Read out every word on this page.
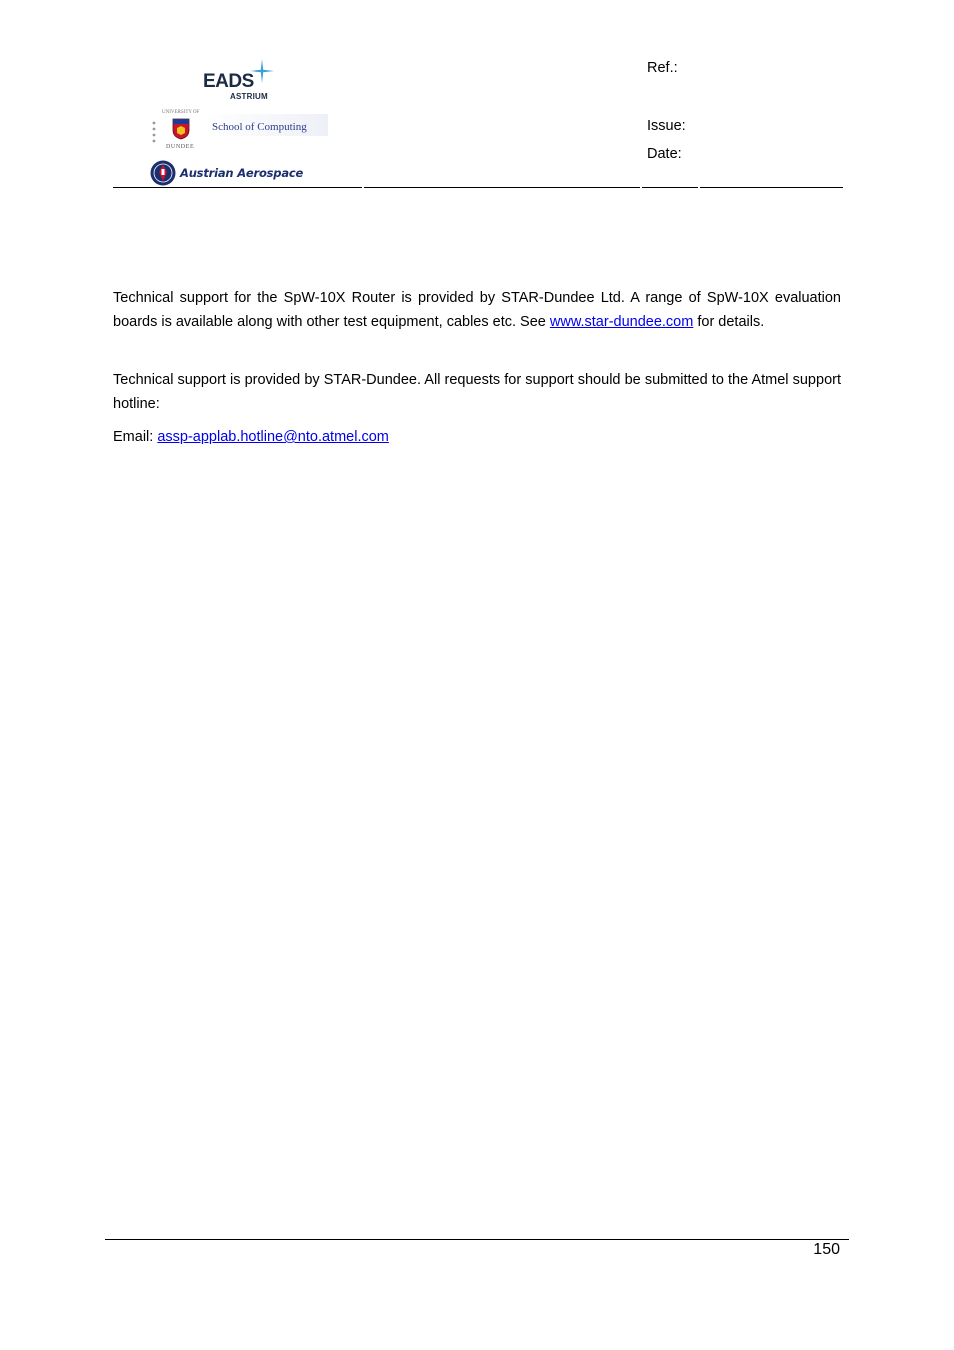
EADS
ASTRIUM
UNIVERSITY OF
DUNDEE
School of Computing
Austrian Aerospace
Ref.:
Issue:
Date:

Technical support for the SpW-10X Router is provided by STAR-Dundee Ltd. A range of SpW-10X evaluation boards is available along with other test equipment, cables etc. See www.star-dundee.com for details.

Technical support is provided by STAR-Dundee. All requests for support should be submitted to the Atmel support hotline:

Email: assp-applab.hotline@nto.atmel.com

150
